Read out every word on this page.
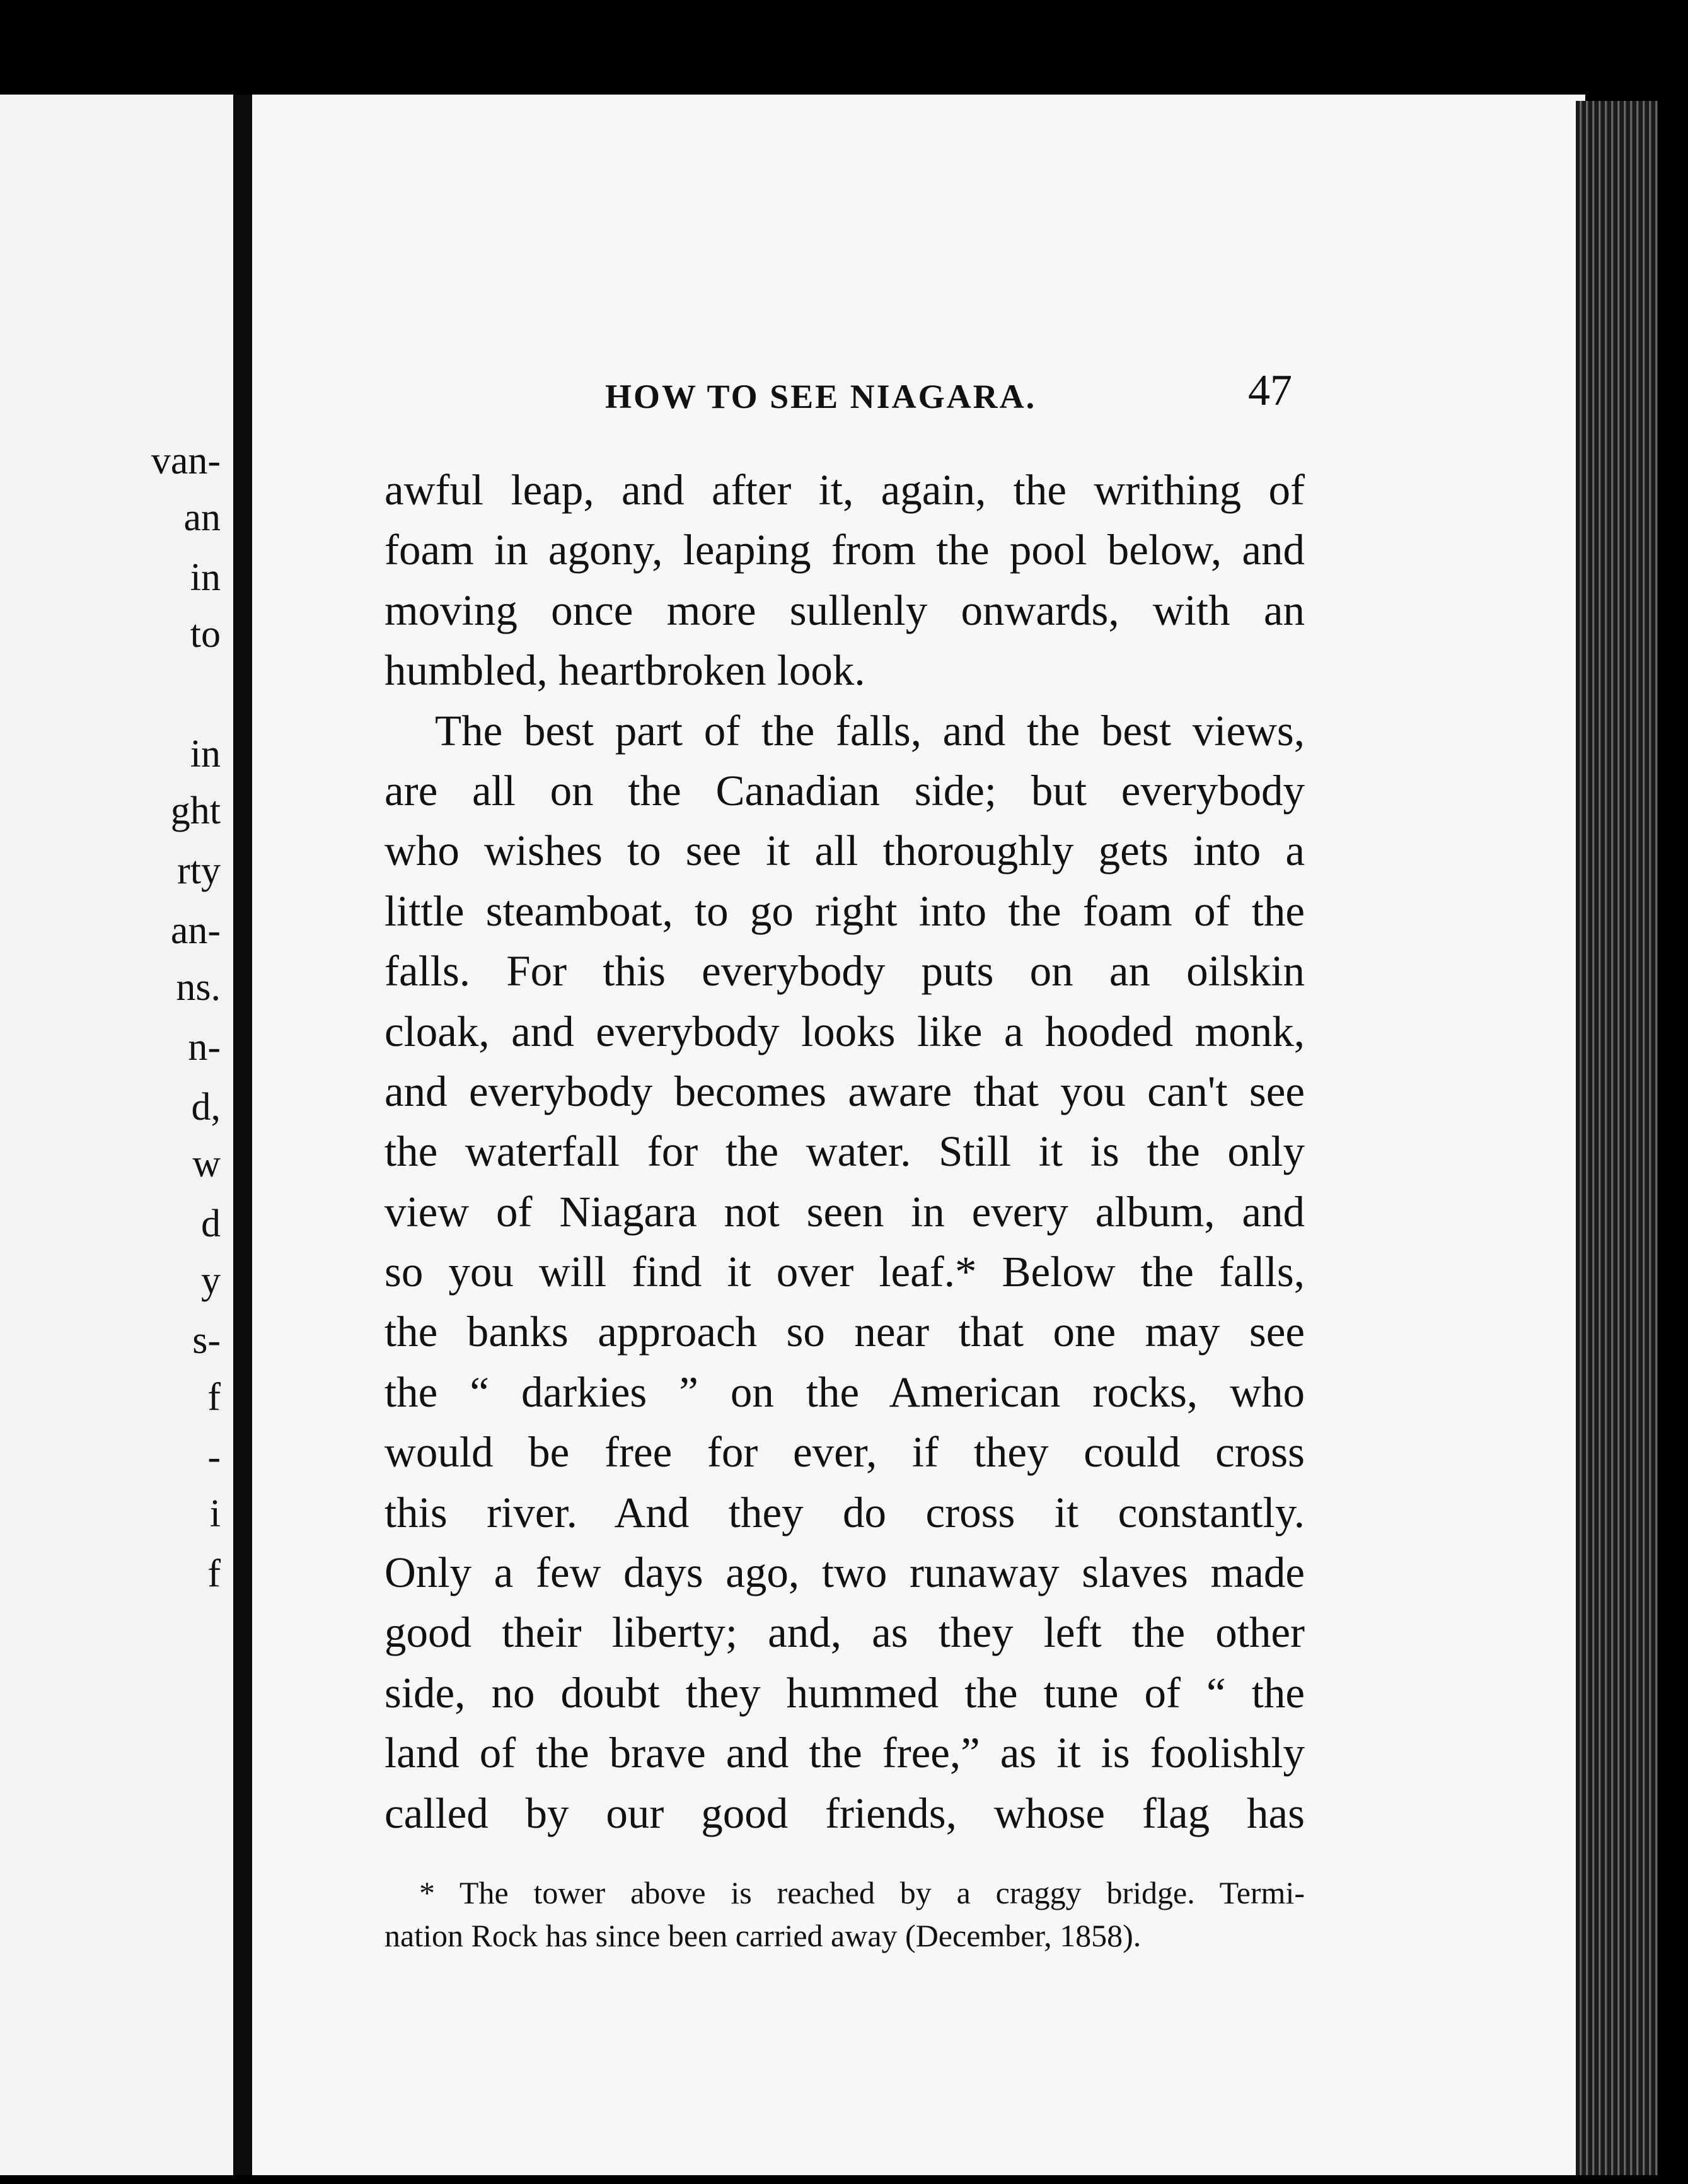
van-
an
in
to
in
ght
rty
an-
ns.
n-
d,
w
d
y
s-
f
-
i
f
HOW TO SEE NIAGARA.	47
awful leap, and after it, again, the writhing of
foam in agony, leaping from the pool below, and
moving once more sullenly onwards, with an
humbled, heartbroken look.
The best part of the falls, and the best views,
are all on the Canadian side; but everybody
who wishes to see it all thoroughly gets into a
little steamboat, to go right into the foam of the
falls. For this everybody puts on an oilskin
cloak, and everybody looks like a hooded monk,
and everybody becomes aware that you can't see
the waterfall for the water. Still it is the only
view of Niagara not seen in every album, and
so you will find it over leaf.* Below the falls,
the banks approach so near that one may see
the “ darkies ” on the American rocks, who
would be free for ever, if they could cross
this river. And they do cross it constantly.
Only a few days ago, two runaway slaves made
good their liberty; and, as they left the other
side, no doubt they hummed the tune of “ the
land of the brave and the free,” as it is foolishly
called by our good friends, whose flag has
* The tower above is reached by a craggy bridge. Termi-
nation Rock has since been carried away (December, 1858).
